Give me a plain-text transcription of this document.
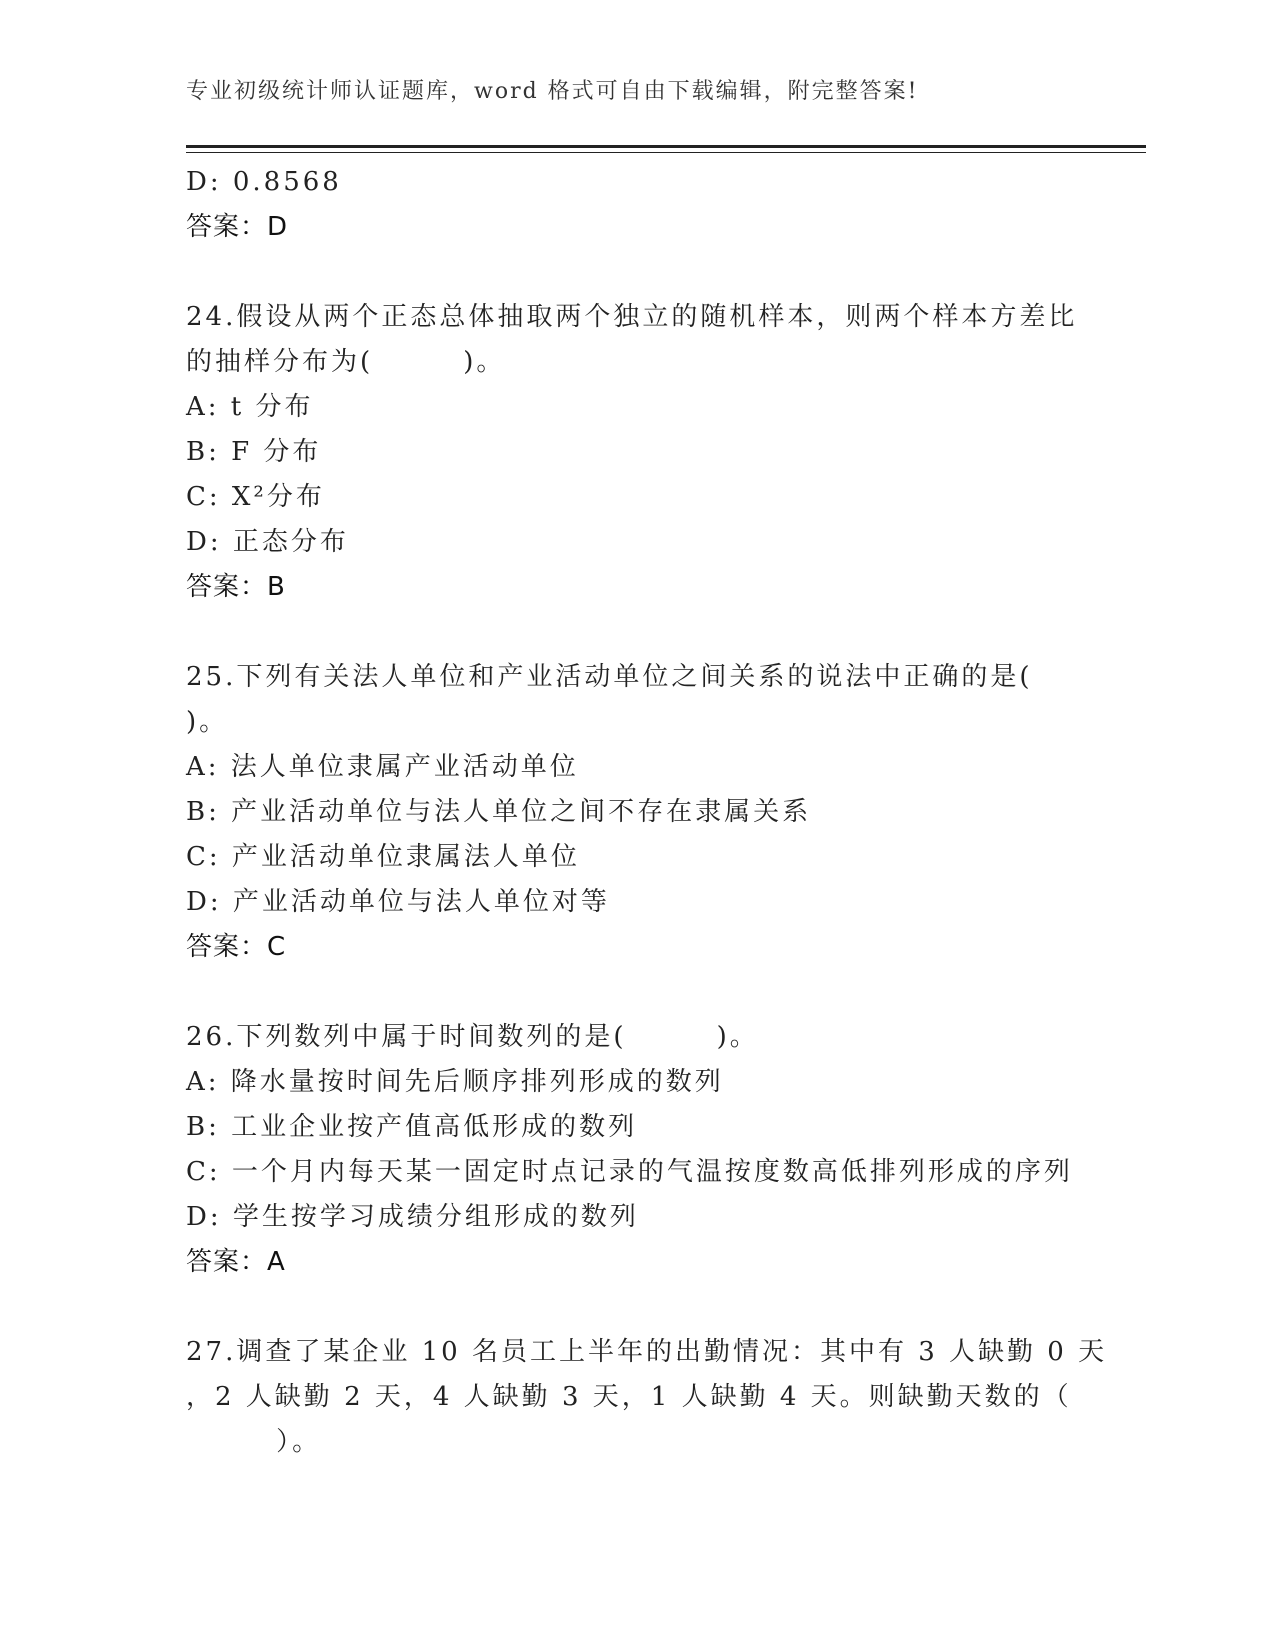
专业初级统计师认证题库，word 格式可自由下载编辑，附完整答案!
D: 0.8568
答案：D
24.假设从两个正态总体抽取两个独立的随机样本，则两个样本方差比
的抽样分布为(        )。
A: t 分布
B: F 分布
C: X²分布
D: 正态分布
答案：B
25.下列有关法人单位和产业活动单位之间关系的说法中正确的是(
)。
A: 法人单位隶属产业活动单位
B: 产业活动单位与法人单位之间不存在隶属关系
C: 产业活动单位隶属法人单位
D: 产业活动单位与法人单位对等
答案：C
26.下列数列中属于时间数列的是(        )。
A: 降水量按时间先后顺序排列形成的数列
B: 工业企业按产值高低形成的数列
C: 一个月内每天某一固定时点记录的气温按度数高低排列形成的序列
D: 学生按学习成绩分组形成的数列
答案：A
27.调查了某企业 10 名员工上半年的出勤情况：其中有 3 人缺勤 0 天
，2 人缺勤 2 天，4 人缺勤 3 天，1 人缺勤 4 天。则缺勤天数的（
）。
